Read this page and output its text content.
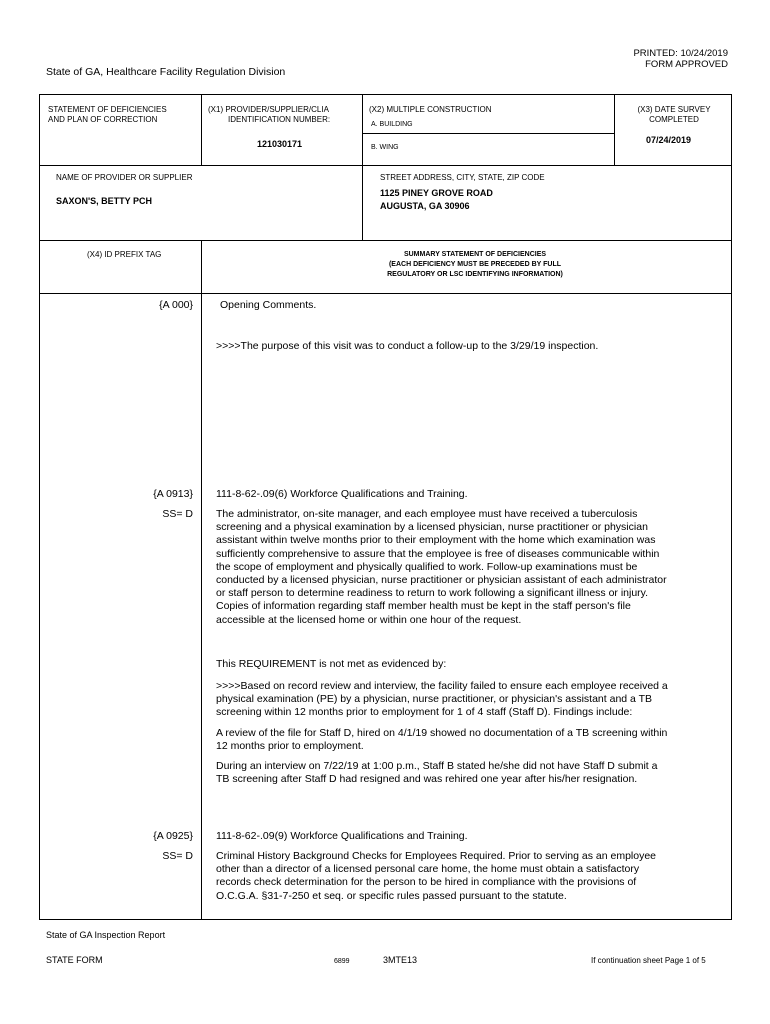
PRINTED: 10/24/2019
FORM APPROVED
State of GA, Healthcare Facility Regulation Division
STATEMENT OF DEFICIENCIES
AND PLAN OF CORRECTION
(X1) PROVIDER/SUPPLIER/CLIA
IDENTIFICATION NUMBER:
121030171
(X2) MULTIPLE CONSTRUCTION
A. BUILDING
B. WING
(X3) DATE SURVEY
COMPLETED
07/24/2019
NAME OF PROVIDER OR SUPPLIER
SAXON'S, BETTY PCH
STREET ADDRESS, CITY, STATE, ZIP CODE
1125 PINEY GROVE ROAD
AUGUSTA, GA 30906
(X4) ID PREFIX TAG	SUMMARY STATEMENT OF DEFICIENCIES
(EACH DEFICIENCY MUST BE PRECEDED BY FULL
REGULATORY OR LSC IDENTIFYING INFORMATION)
{A 000}	Opening Comments.
>>>>The purpose of this visit was to conduct a follow-up to the 3/29/19 inspection.
{A 0913}
SS= D
111-8-62-.09(6) Workforce Qualifications and Training.
The administrator, on-site manager, and each employee must have received a tuberculosis
screening and a physical examination by a licensed physician, nurse practitioner or physician
assistant within twelve months prior to their employment with the home which examination was
sufficiently comprehensive to assure that the employee is free of diseases communicable within
the scope of employment and physically qualified to work. Follow-up examinations must be
conducted by a licensed physician, nurse practitioner or physician assistant of each administrator
or staff person to determine readiness to return to work following a significant illness or injury.
Copies of information regarding staff member health must be kept in the staff person's file
accessible at the licensed home or within one hour of the request.
This REQUIREMENT is not met as evidenced by:
>>>>Based on record review and interview, the facility failed to ensure each employee received a
physical examination (PE) by a physician, nurse practitioner, or physician's assistant and a TB
screening within 12 months prior to employment for 1 of 4 staff (Staff D). Findings include:
A review of the file for Staff D, hired on 4/1/19 showed no documentation of a TB screening within
12 months prior to employment.
During an interview on 7/22/19 at 1:00 p.m., Staff B stated he/she did not have Staff D submit a
TB screening after Staff D had resigned and was rehired one year after his/her resignation.
{A 0925}
SS= D
111-8-62-.09(9) Workforce Qualifications and Training.
Criminal History Background Checks for Employees Required. Prior to serving as an employee
other than a director of a licensed personal care home, the home must obtain a satisfactory
records check determination for the person to be hired in compliance with the provisions of
O.C.G.A. §31-7-250 et seq. or specific rules passed pursuant to the statute.
State of GA Inspection Report
STATE FORM	6899	3MTE13	If continuation sheet Page 1 of 5
